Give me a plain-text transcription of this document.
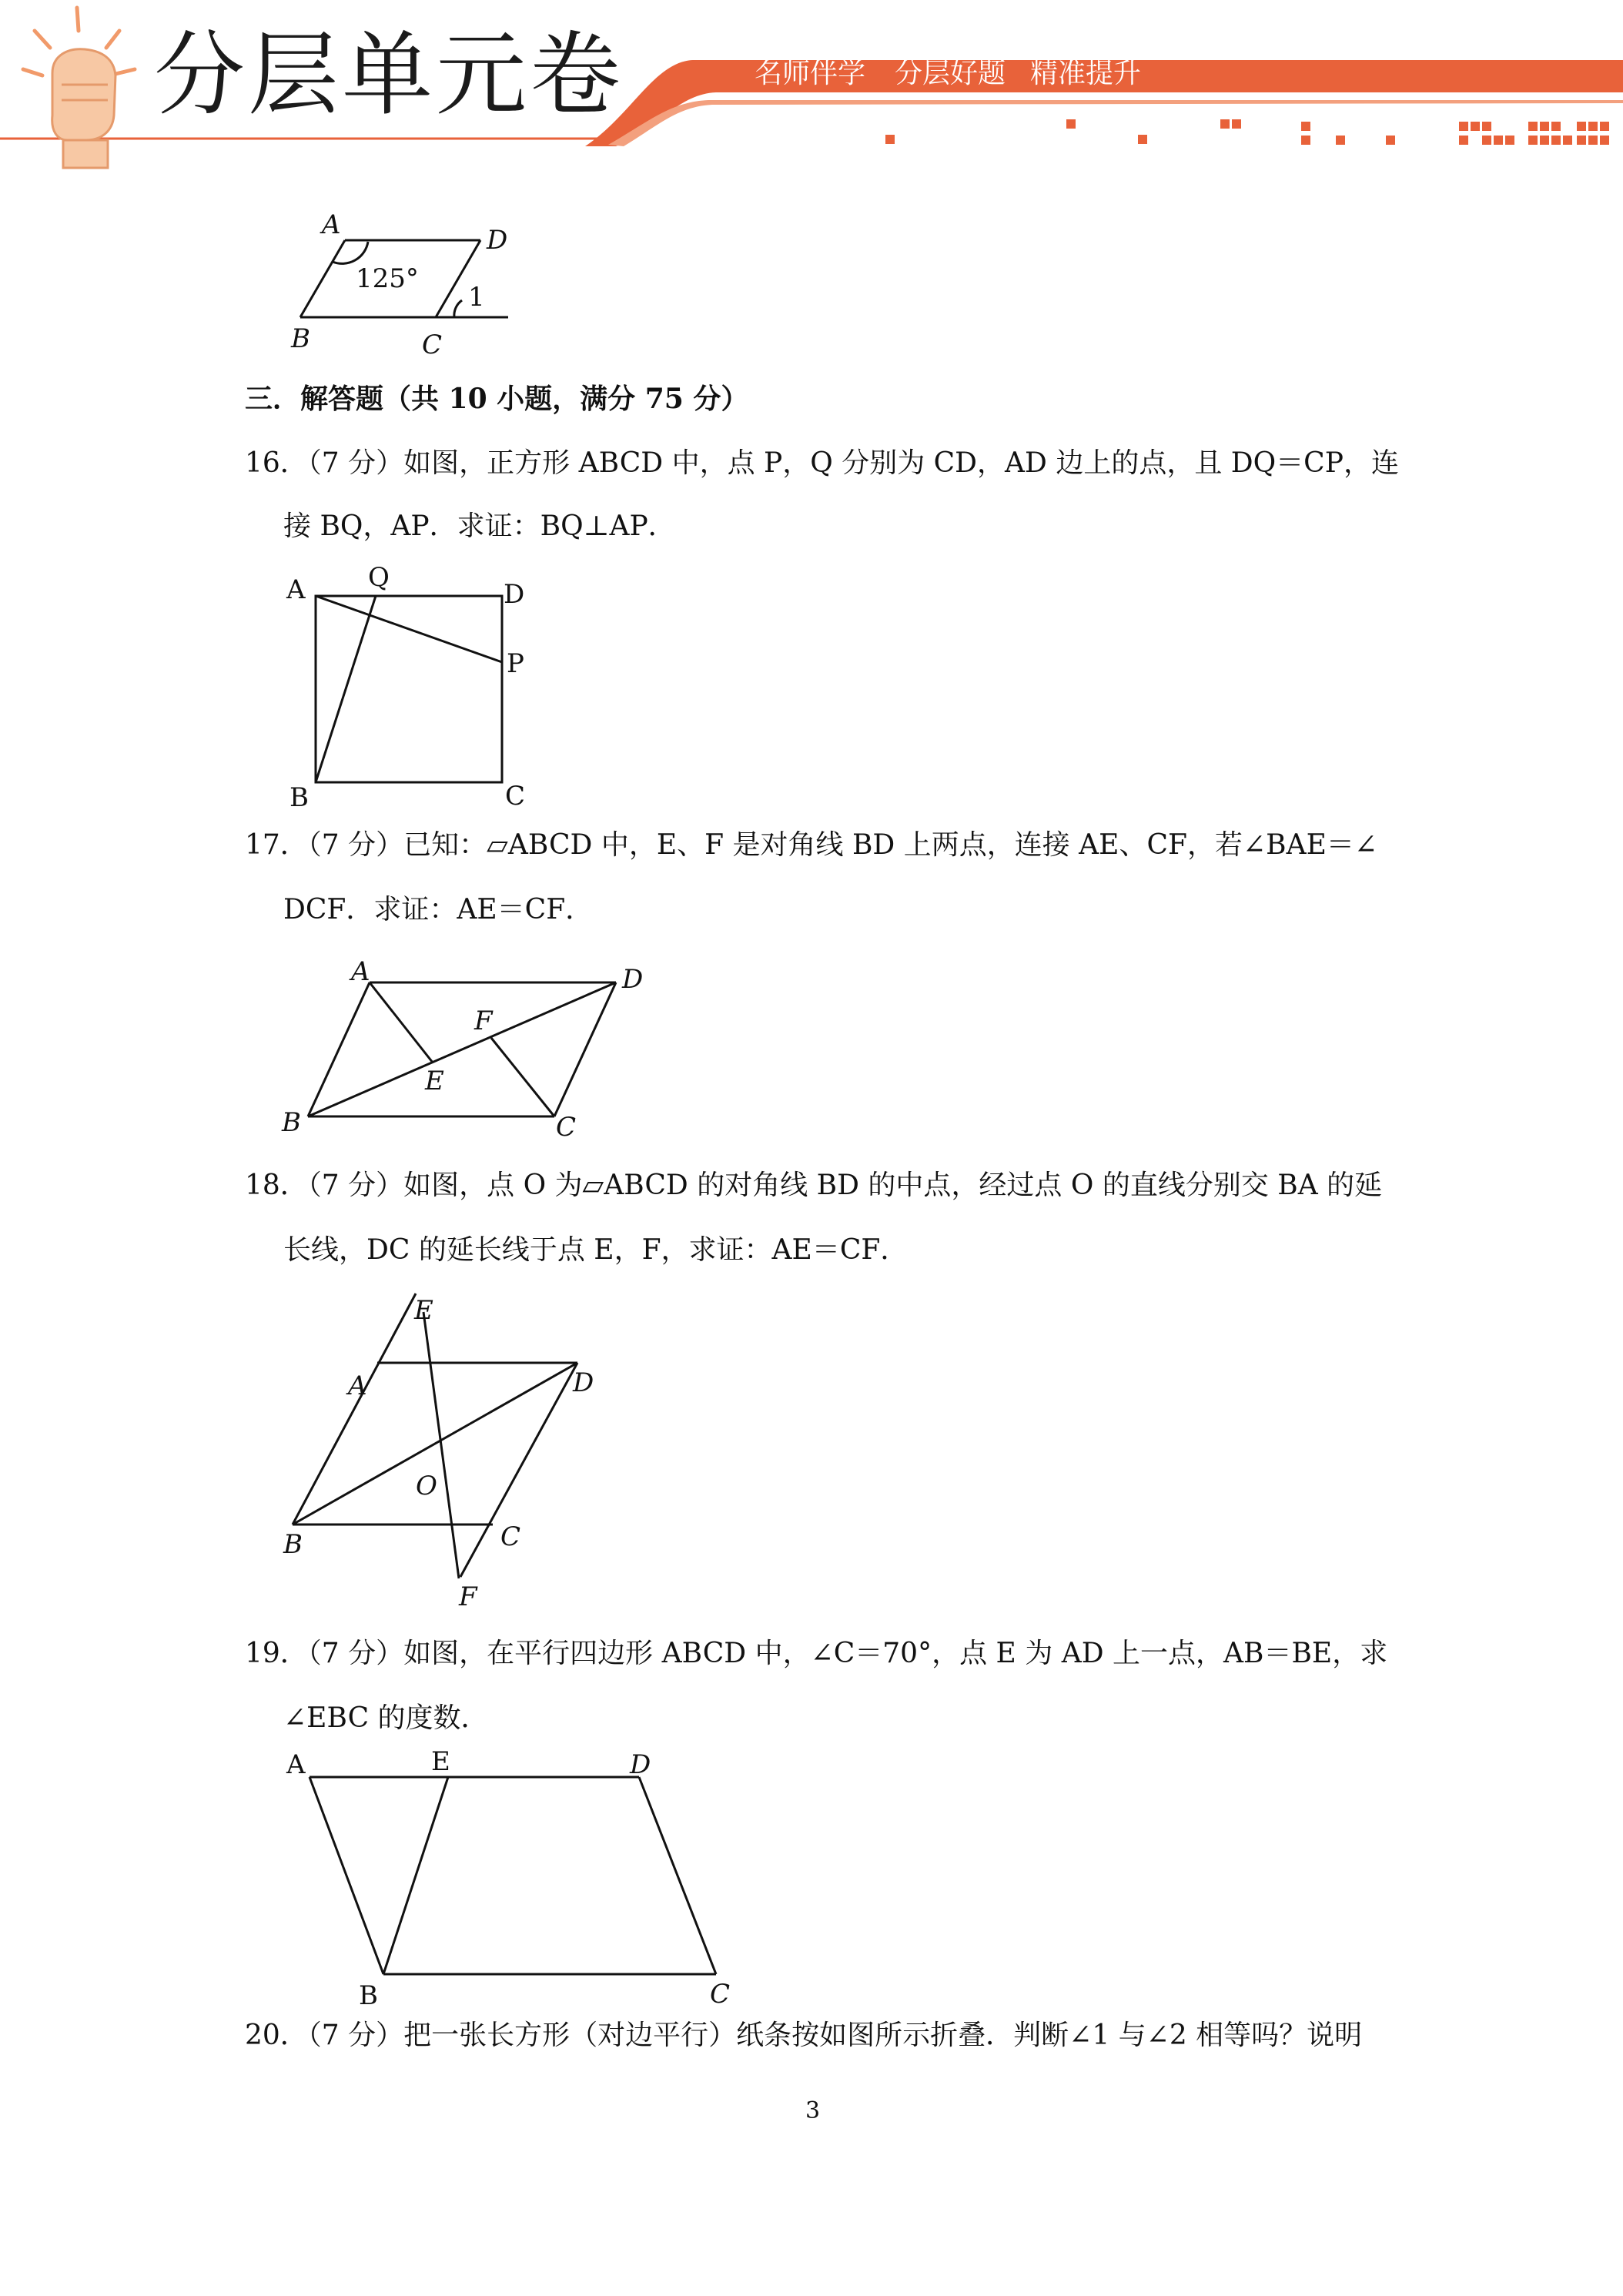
分层单元卷	名师伴学 分层好题 精准提升
A	D
B	C
125°
1
三．解答题（共 10 小题，满分 75 分）
16．（7 分）如图，正方形 ABCD 中，点 P，Q 分别为 CD，AD 边上的点，且 DQ＝CP，连
接 BQ，AP．求证：BQ⊥AP．
A Q
D
P
B	C
17．（7 分）已知：▱ABCD 中，E、F 是对角线 BD 上两点，连接 AE、CF，若∠BAE＝∠
DCF．求证：AE＝CF．
A	D
F
E
B	C
18．（7 分）如图，点 O 为▱ABCD 的对角线 BD 的中点，经过点 O 的直线分别交 BA 的延
长线，DC 的延长线于点 E，F，求证：AE＝CF．
E
A	D
O
B	C
F
19．（7 分）如图，在平行四边形 ABCD 中，∠C＝70°，点 E 为 AD 上一点，AB＝BE，求
∠EBC 的度数．
A	E	D
B	C
20．（7 分）把一张长方形（对边平行）纸条按如图所示折叠．判断∠1 与∠2 相等吗？说明
3
